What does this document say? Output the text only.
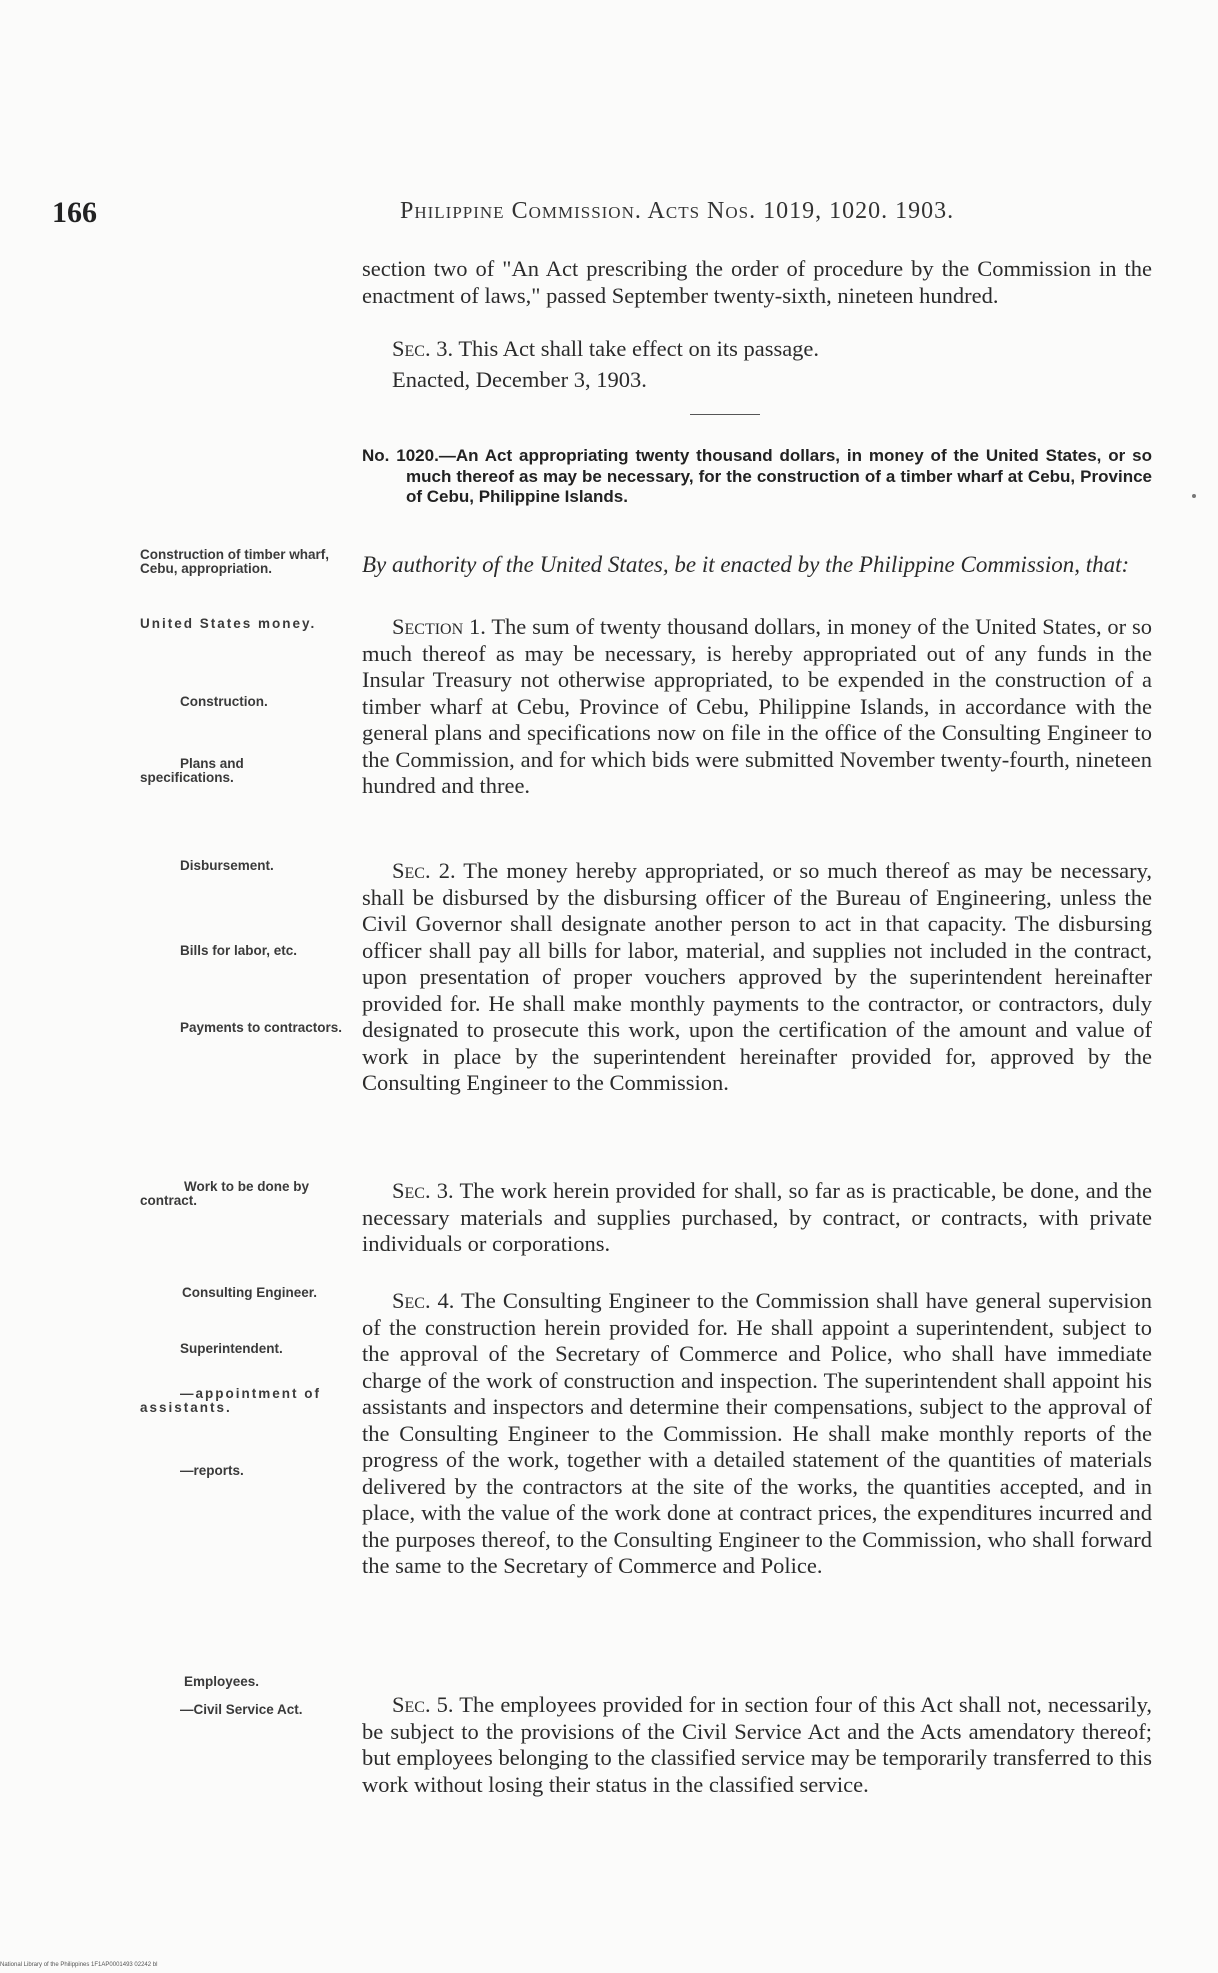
166	Philippine Commission. Acts Nos. 1019, 1020. 1903.

section two of "An Act prescribing the order of procedure by the Commission in the enactment of laws," passed September twenty-sixth, nineteen hundred.

Sec. 3. This Act shall take effect on its passage.

Enacted, December 3, 1903.

No. 1020.—An Act appropriating twenty thousand dollars, in money of the United States, or so much thereof as may be necessary, for the construction of a timber wharf at Cebu, Province of Cebu, Philippine Islands.
By authority of the United States, be it enacted by the Philippine Commission, that:

Section 1. The sum of twenty thousand dollars, in money of the United States, or so much thereof as may be necessary, is hereby appropriated out of any funds in the Insular Treasury not otherwise appropriated, to be expended in the construction of a timber wharf at Cebu, Province of Cebu, Philippine Islands, in accordance with the general plans and specifications now on file in the office of the Consulting Engineer to the Commission, and for which bids were submitted November twenty-fourth, nineteen hundred and three.

Sec. 2. The money hereby appropriated, or so much thereof as may be necessary, shall be disbursed by the disbursing officer of the Bureau of Engineering, unless the Civil Governor shall designate another person to act in that capacity. The disbursing officer shall pay all bills for labor, material, and supplies not included in the contract, upon presentation of proper vouchers approved by the superintendent hereinafter provided for. He shall make monthly payments to the contractor, or contractors, duly designated to prosecute this work, upon the certification of the amount and value of work in place by the superintendent hereinafter provided for, approved by the Consulting Engineer to the Commission.

Sec. 3. The work herein provided for shall, so far as is practicable, be done, and the necessary materials and supplies purchased, by contract, or contracts, with private individuals or corporations.

Sec. 4. The Consulting Engineer to the Commission shall have general supervision of the construction herein provided for. He shall appoint a superintendent, subject to the approval of the Secretary of Commerce and Police, who shall have immediate charge of the work of construction and inspection. The superintendent shall appoint his assistants and inspectors and determine their compensations, subject to the approval of the Consulting Engineer to the Commission. He shall make monthly reports of the progress of the work, together with a detailed statement of the quantities of materials delivered by the contractors at the site of the works, the quantities accepted, and in place, with the value of the work done at contract prices, the expenditures incurred and the purposes thereof, to the Consulting Engineer to the Commission, who shall forward the same to the Secretary of Commerce and Police.

Sec. 5. The employees provided for in section four of this Act shall not, necessarily, be subject to the provisions of the Civil Service Act and the Acts amendatory thereof; but employees belonging to the classified service may be temporarily transferred to this work without losing their status in the classified service.

Construction of timber wharf, Cebu, appropriation.
United States money.
Construction.
Plans and specifications.
Disbursement.
Bills for labor, etc.
Payments to contractors.
Work to be done by contract.
Consulting Engineer.
Superintendent.
—appointment of assistants.
—reports.
Employees.
—Civil Service Act.
National Library of the Philippines 1F1AP0001493 02242 bl
